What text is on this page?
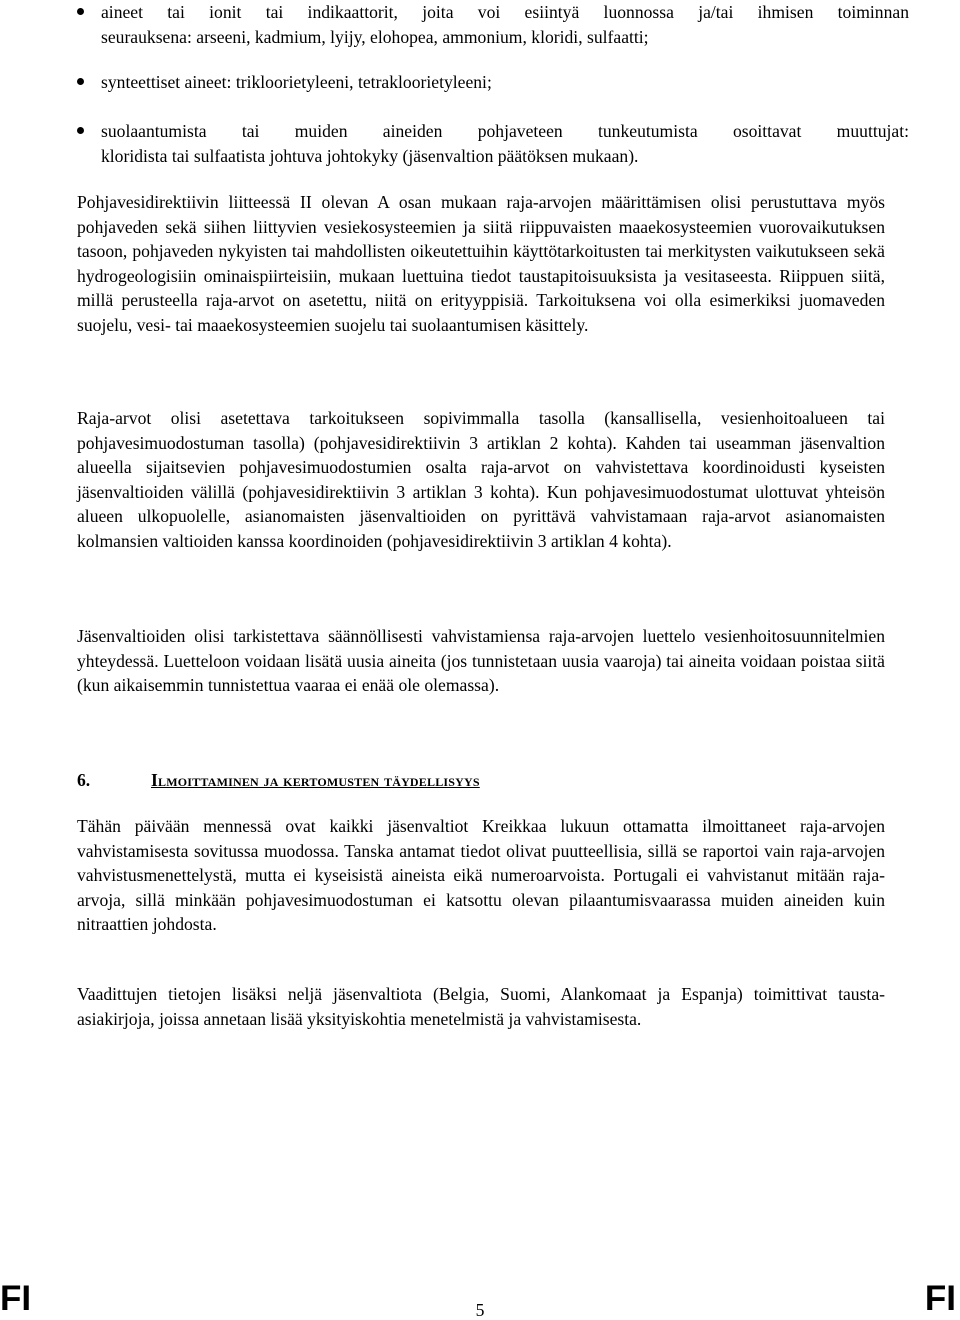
aineet tai ionit tai indikaattorit, joita voi esiintyä luonnossa ja/tai ihmisen toiminnan
seurauksena: arseeni, kadmium, lyijy, elohopea, ammonium, kloridi, sulfaatti;
synteettiset aineet: trikloorietyleeni, tetrakloorietyleeni;
suolaantumista tai muiden aineiden pohjaveteen tunkeutumista osoittavat muuttujat:
kloridista tai sulfaatista johtuva johtokyky (jäsenvaltion päätöksen mukaan).

Pohjavesidirektiivin liitteessä II olevan A osan mukaan raja-arvojen määrittämisen olisi perustuttava myös pohjaveden sekä siihen liittyvien vesiekosysteemien ja siitä riippuvaisten maaekosysteemien vuorovaikutuksen tasoon, pohjaveden nykyisten tai mahdollisten oikeutettuihin käyttötarkoitusten tai merkitysten vaikutukseen sekä hydrogeologisiin ominaispiirteisiin, mukaan luettuina tiedot taustapitoisuuksista ja vesitaseesta. Riippuen siitä, millä perusteella raja-arvot on asetettu, niitä on erityyppisiä. Tarkoituksena voi olla esimerkiksi juomaveden suojelu, vesi- tai maaekosysteemien suojelu tai suolaantumisen käsittely.

Raja-arvot olisi asetettava tarkoitukseen sopivimmalla tasolla (kansallisella, vesienhoitoalueen tai pohjavesimuodostuman tasolla) (pohjavesidirektiivin 3 artiklan 2 kohta). Kahden tai useamman jäsenvaltion alueella sijaitsevien pohjavesimuodostumien osalta raja-arvot on vahvistettava koordinoidusti kyseisten jäsenvaltioiden välillä (pohjavesidirektiivin 3 artiklan 3 kohta). Kun pohjavesimuodostumat ulottuvat yhteisön alueen ulkopuolelle, asianomaisten jäsenvaltioiden on pyrittävä vahvistamaan raja-arvot asianomaisten kolmansien valtioiden kanssa koordinoiden (pohjavesidirektiivin 3 artiklan 4 kohta).

Jäsenvaltioiden olisi tarkistettava säännöllisesti vahvistamiensa raja-arvojen luettelo vesienhoitosuunnitelmien yhteydessä. Luetteloon voidaan lisätä uusia aineita (jos tunnistetaan uusia vaaroja) tai aineita voidaan poistaa siitä (kun aikaisemmin tunnistettua vaaraa ei enää ole olemassa).

6.	Ilmoittaminen ja kertomusten täydellisyys

Tähän päivään mennessä ovat kaikki jäsenvaltiot Kreikkaa lukuun ottamatta ilmoittaneet raja-arvojen vahvistamisesta sovitussa muodossa. Tanska antamat tiedot olivat puutteellisia, sillä se raportoi vain raja-arvojen vahvistusmenettelystä, mutta ei kyseisistä aineista eikä numeroarvoista. Portugali ei vahvistanut mitään raja-arvoja, sillä minkään pohjavesimuodostuman ei katsottu olevan pilaantumisvaarassa muiden aineiden kuin nitraattien johdosta.

Vaadittujen tietojen lisäksi neljä jäsenvaltiota (Belgia, Suomi, Alankomaat ja Espanja) toimittivat tausta-asiakirjoja, joissa annetaan lisää yksityiskohtia menetelmistä ja vahvistamisesta.

FI	5	FI
